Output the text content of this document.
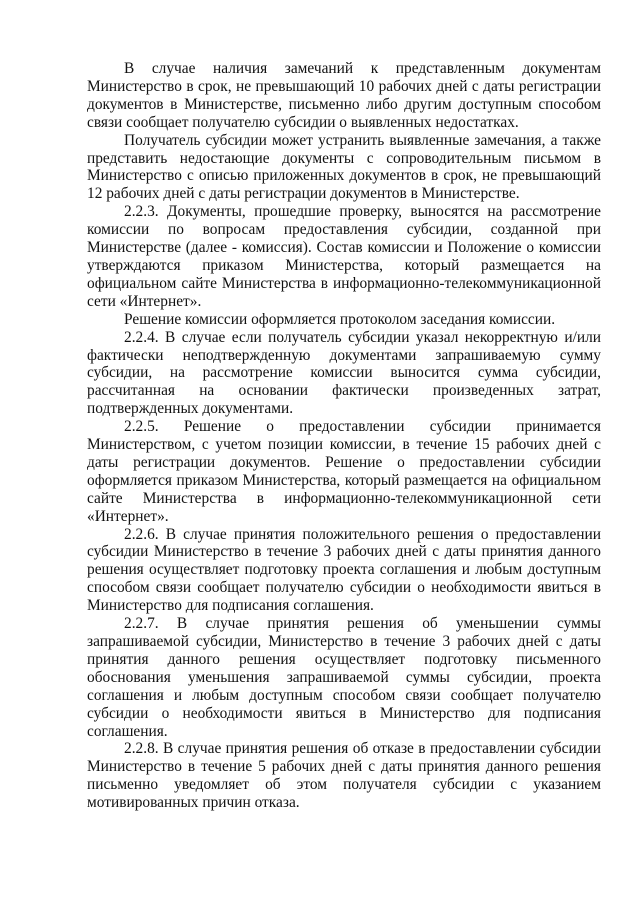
В случае наличия замечаний к представленным документам Министерство в срок, не превышающий 10 рабочих дней с даты регистрации документов в Министерстве, письменно либо другим доступным способом связи сообщает получателю субсидии о выявленных недостатках.

Получатель субсидии может устранить выявленные замечания, а также представить недостающие документы с сопроводительным письмом в Министерство с описью приложенных документов в срок, не превышающий 12 рабочих дней с даты регистрации документов в Министерстве.

2.2.3. Документы, прошедшие проверку, выносятся на рассмотрение комиссии по вопросам предоставления субсидии, созданной при Министерстве (далее - комиссия). Состав комиссии и Положение о комиссии утверждаются приказом Министерства, который размещается на официальном сайте Министерства в информационно-телекоммуникационной сети «Интернет».

Решение комиссии оформляется протоколом заседания комиссии.

2.2.4. В случае если получатель субсидии указал некорректную и/или фактически неподтвержденную документами запрашиваемую сумму субсидии, на рассмотрение комиссии выносится сумма субсидии, рассчитанная на основании фактически произведенных затрат, подтвержденных документами.

2.2.5. Решение о предоставлении субсидии принимается Министерством, с учетом позиции комиссии, в течение 15 рабочих дней с даты регистрации документов. Решение о предоставлении субсидии оформляется приказом Министерства, который размещается на официальном сайте Министерства в информационно-телекоммуникационной сети «Интернет».

2.2.6. В случае принятия положительного решения о предоставлении субсидии Министерство в течение 3 рабочих дней с даты принятия данного решения осуществляет подготовку проекта соглашения и любым доступным способом связи сообщает получателю субсидии о необходимости явиться в Министерство для подписания соглашения.

2.2.7. В случае принятия решения об уменьшении суммы запрашиваемой субсидии, Министерство в течение 3 рабочих дней с даты принятия данного решения осуществляет подготовку письменного обоснования уменьшения запрашиваемой суммы субсидии, проекта соглашения и любым доступным способом связи сообщает получателю субсидии о необходимости явиться в Министерство для подписания соглашения.

2.2.8. В случае принятия решения об отказе в предоставлении субсидии Министерство в течение 5 рабочих дней с даты принятия данного решения письменно уведомляет об этом получателя субсидии с указанием мотивированных причин отказа.
